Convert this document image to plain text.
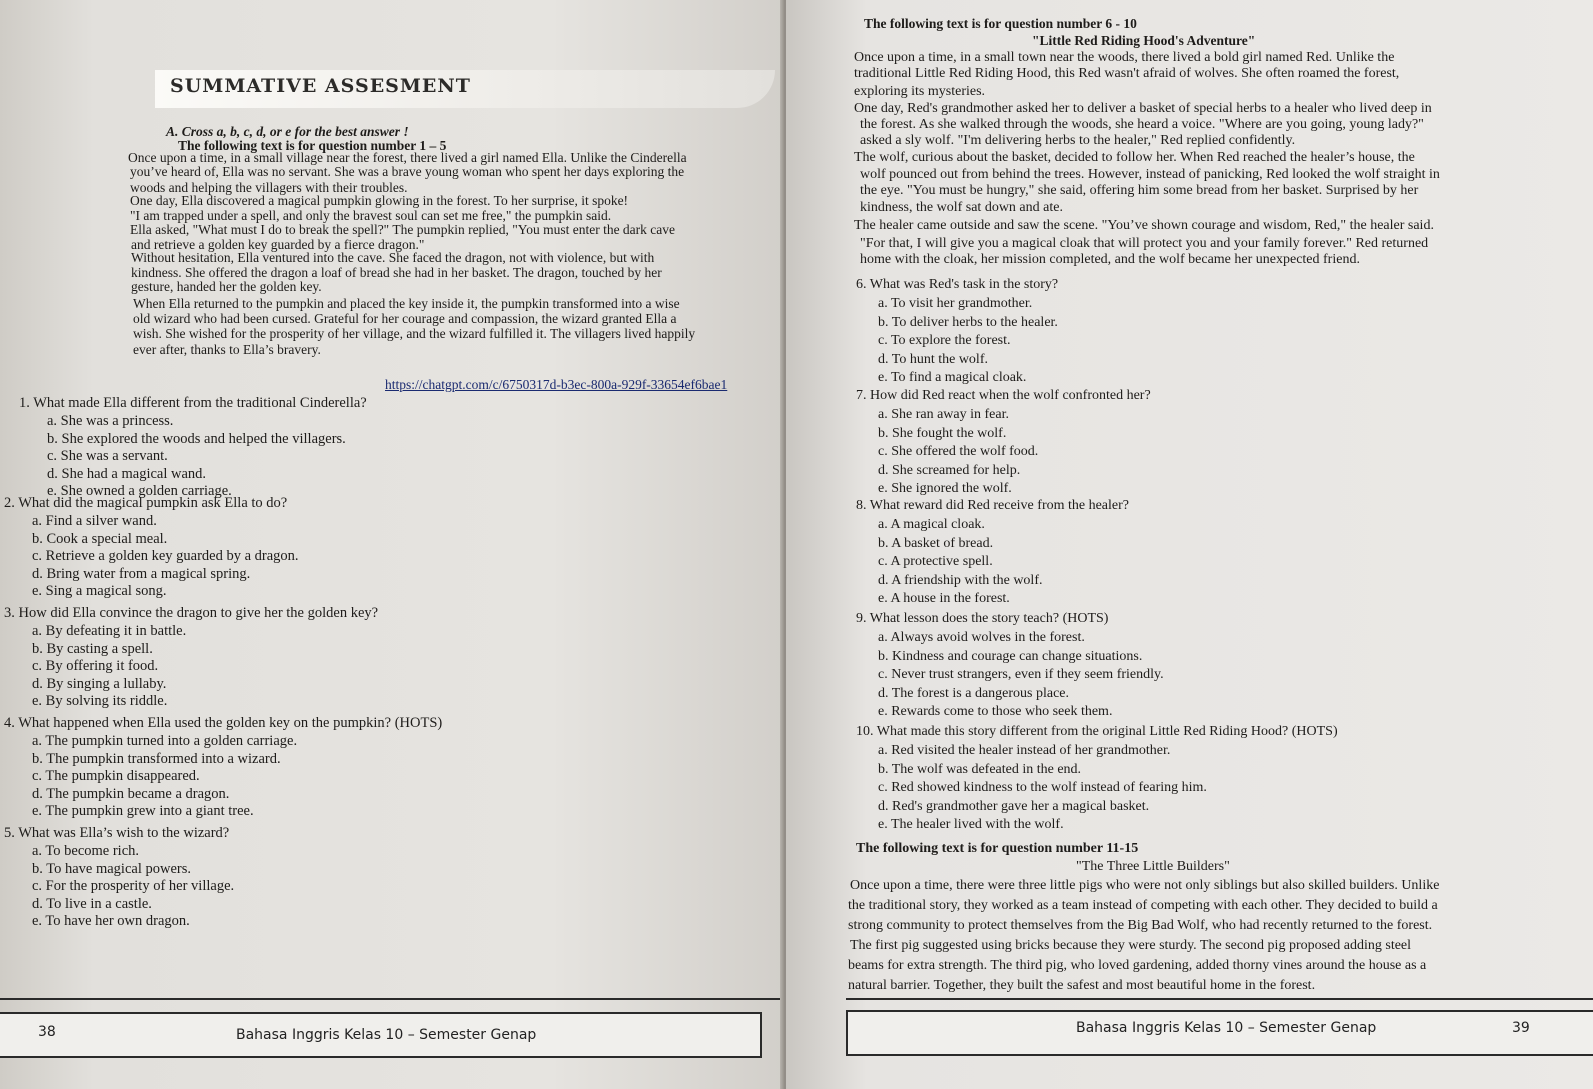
SUMMATIVE ASSESMENT
A. Cross a, b, c, d, or e for the best answer !
The following text is for question number 1 – 5
Once upon a time, in a small village near the forest, there lived a girl named Ella. Unlike the Cinderella
you’ve heard of, Ella was no servant. She was a brave young woman who spent her days exploring the
woods and helping the villagers with their troubles.
One day, Ella discovered a magical pumpkin glowing in the forest. To her surprise, it spoke!
"I am trapped under a spell, and only the bravest soul can set me free," the pumpkin said.
Ella asked, "What must I do to break the spell?" The pumpkin replied, "You must enter the dark cave
and retrieve a golden key guarded by a fierce dragon."
Without hesitation, Ella ventured into the cave. She faced the dragon, not with violence, but with
kindness. She offered the dragon a loaf of bread she had in her basket. The dragon, touched by her
gesture, handed her the golden key.
When Ella returned to the pumpkin and placed the key inside it, the pumpkin transformed into a wise
old wizard who had been cursed. Grateful for her courage and compassion, the wizard granted Ella a
wish. She wished for the prosperity of her village, and the wizard fulfilled it. The villagers lived happily
ever after, thanks to Ella’s bravery.
https://chatgpt.com/c/6750317d-b3ec-800a-929f-33654ef6bae1
1. What made Ella different from the traditional Cinderella?
a. She was a princess.
b. She explored the woods and helped the villagers.
c. She was a servant.
d. She had a magical wand.
e. She owned a golden carriage.
2. What did the magical pumpkin ask Ella to do?
a. Find a silver wand.
b. Cook a special meal.
c. Retrieve a golden key guarded by a dragon.
d. Bring water from a magical spring.
e. Sing a magical song.
3. How did Ella convince the dragon to give her the golden key?
a. By defeating it in battle.
b. By casting a spell.
c. By offering it food.
d. By singing a lullaby.
e. By solving its riddle.
4. What happened when Ella used the golden key on the pumpkin? (HOTS)
a. The pumpkin turned into a golden carriage.
b. The pumpkin transformed into a wizard.
c. The pumpkin disappeared.
d. The pumpkin became a dragon.
e. The pumpkin grew into a giant tree.
5. What was Ella’s wish to the wizard?
a. To become rich.
b. To have magical powers.
c. For the prosperity of her village.
d. To live in a castle.
e. To have her own dragon.
38	Bahasa Inggris Kelas 10 – Semester Genap
The following text is for question number 6 - 10
"Little Red Riding Hood's Adventure"
Once upon a time, in a small town near the woods, there lived a bold girl named Red. Unlike the
traditional Little Red Riding Hood, this Red wasn't afraid of wolves. She often roamed the forest,
exploring its mysteries.
One day, Red's grandmother asked her to deliver a basket of special herbs to a healer who lived deep in
the forest. As she walked through the woods, she heard a voice. "Where are you going, young lady?"
asked a sly wolf. "I'm delivering herbs to the healer," Red replied confidently.
The wolf, curious about the basket, decided to follow her. When Red reached the healer’s house, the
wolf pounced out from behind the trees. However, instead of panicking, Red looked the wolf straight in
the eye. "You must be hungry," she said, offering him some bread from her basket. Surprised by her
kindness, the wolf sat down and ate.
The healer came outside and saw the scene. "You’ve shown courage and wisdom, Red," the healer said.
"For that, I will give you a magical cloak that will protect you and your family forever." Red returned
home with the cloak, her mission completed, and the wolf became her unexpected friend.
6. What was Red's task in the story?
a. To visit her grandmother.
b. To deliver herbs to the healer.
c. To explore the forest.
d. To hunt the wolf.
e. To find a magical cloak.
7. How did Red react when the wolf confronted her?
a. She ran away in fear.
b. She fought the wolf.
c. She offered the wolf food.
d. She screamed for help.
e. She ignored the wolf.
8. What reward did Red receive from the healer?
a. A magical cloak.
b. A basket of bread.
c. A protective spell.
d. A friendship with the wolf.
e. A house in the forest.
9. What lesson does the story teach? (HOTS)
a. Always avoid wolves in the forest.
b. Kindness and courage can change situations.
c. Never trust strangers, even if they seem friendly.
d. The forest is a dangerous place.
e. Rewards come to those who seek them.
10. What made this story different from the original Little Red Riding Hood? (HOTS)
a. Red visited the healer instead of her grandmother.
b. The wolf was defeated in the end.
c. Red showed kindness to the wolf instead of fearing him.
d. Red's grandmother gave her a magical basket.
e. The healer lived with the wolf.
The following text is for question number 11-15
"The Three Little Builders"
Once upon a time, there were three little pigs who were not only siblings but also skilled builders. Unlike
the traditional story, they worked as a team instead of competing with each other. They decided to build a
strong community to protect themselves from the Big Bad Wolf, who had recently returned to the forest.
The first pig suggested using bricks because they were sturdy. The second pig proposed adding steel
beams for extra strength. The third pig, who loved gardening, added thorny vines around the house as a
natural barrier. Together, they built the safest and most beautiful home in the forest.
Bahasa Inggris Kelas 10 – Semester Genap	39
